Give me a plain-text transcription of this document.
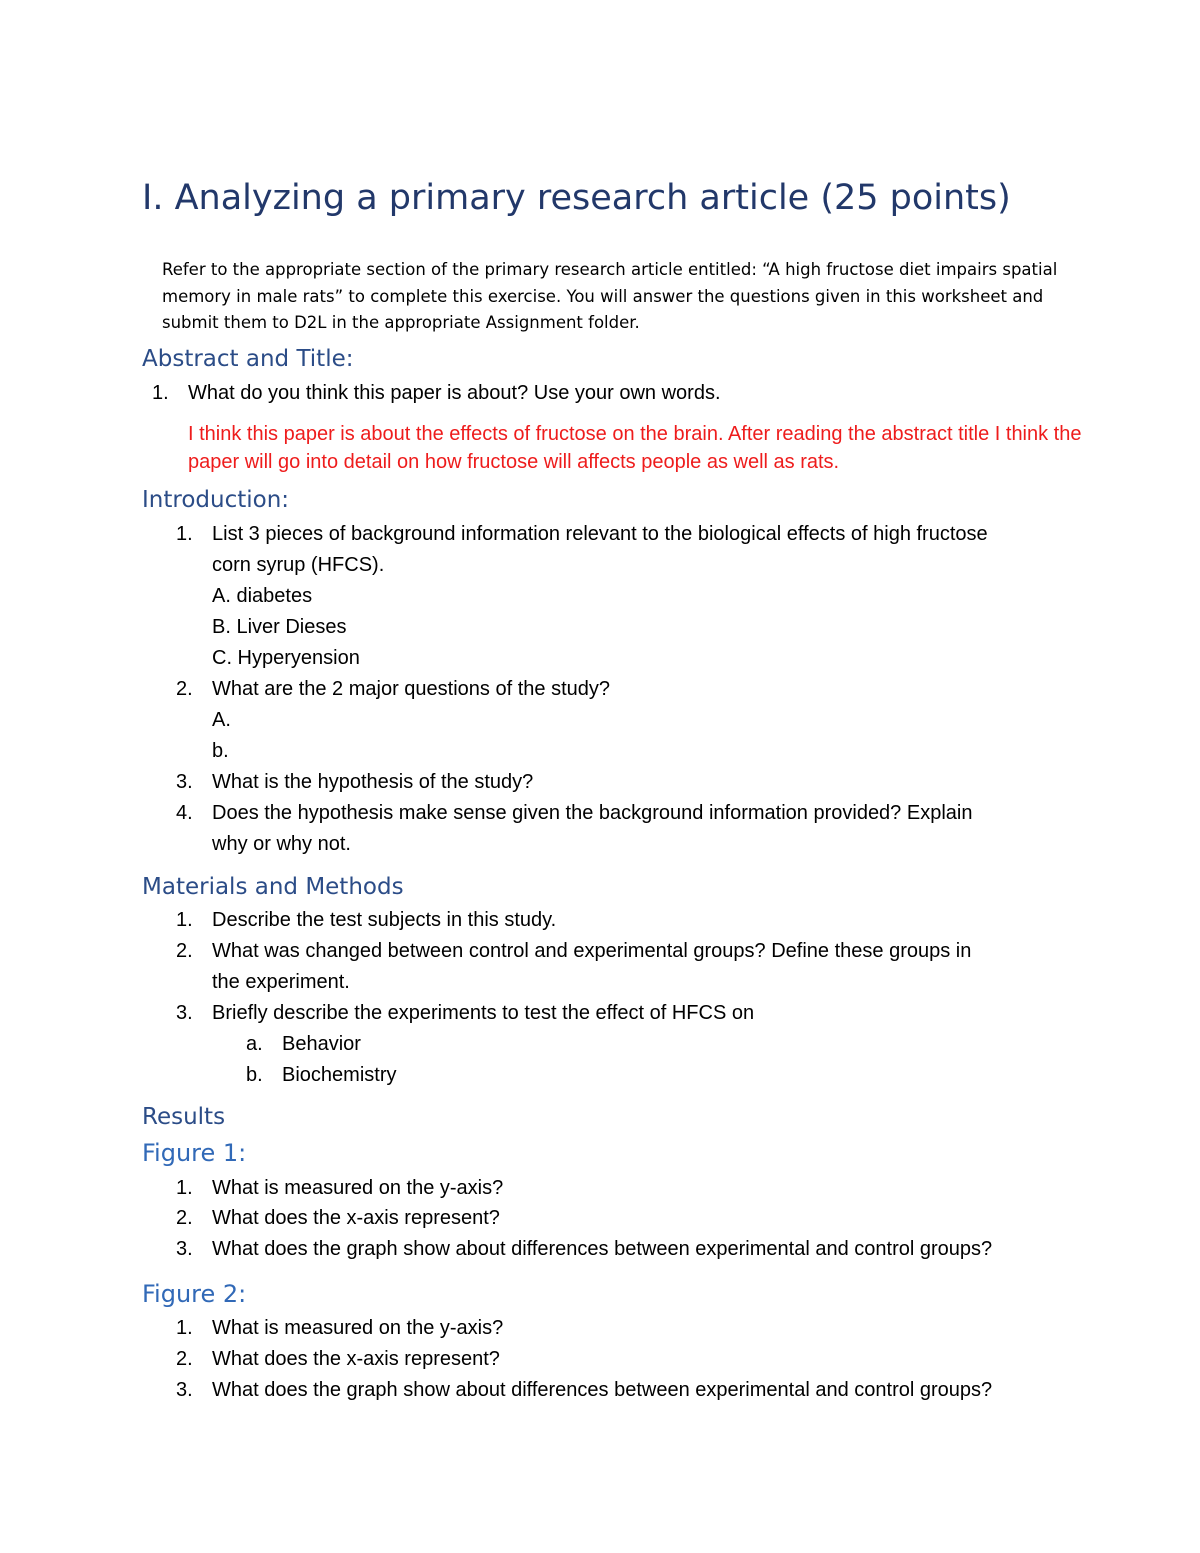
I. Analyzing a primary research article (25 points)

Refer to the appropriate section of the primary research article entitled: “A high fructose diet impairs spatial memory in male rats” to complete this exercise. You will answer the questions given in this worksheet and submit them to D2L in the appropriate Assignment folder.

Abstract and Title:
1. What do you think this paper is about? Use your own words.

I think this paper is about the effects of fructose on the brain. After reading the abstract title I think the paper will go into detail on how fructose will affects people as well as rats.

Introduction:
1. List 3 pieces of background information relevant to the biological effects of high fructose
corn syrup (HFCS).
A. diabetes
B. Liver Dieses
C. Hyperyension
2. What are the 2 major questions of the study?
A.
b.
3. What is the hypothesis of the study?
4. Does the hypothesis make sense given the background information provided? Explain
why or why not.
Materials and Methods
1. Describe the test subjects in this study.
2. What was changed between control and experimental groups? Define these groups in
the experiment.
3. Briefly describe the experiments to test the effect of HFCS on
a. Behavior
b. Biochemistry
Results
Figure 1:
1. What is measured on the y-axis?
2. What does the x-axis represent?
3. What does the graph show about differences between experimental and control groups?
Figure 2:
1. What is measured on the y-axis?
2. What does the x-axis represent?
3. What does the graph show about differences between experimental and control groups?
